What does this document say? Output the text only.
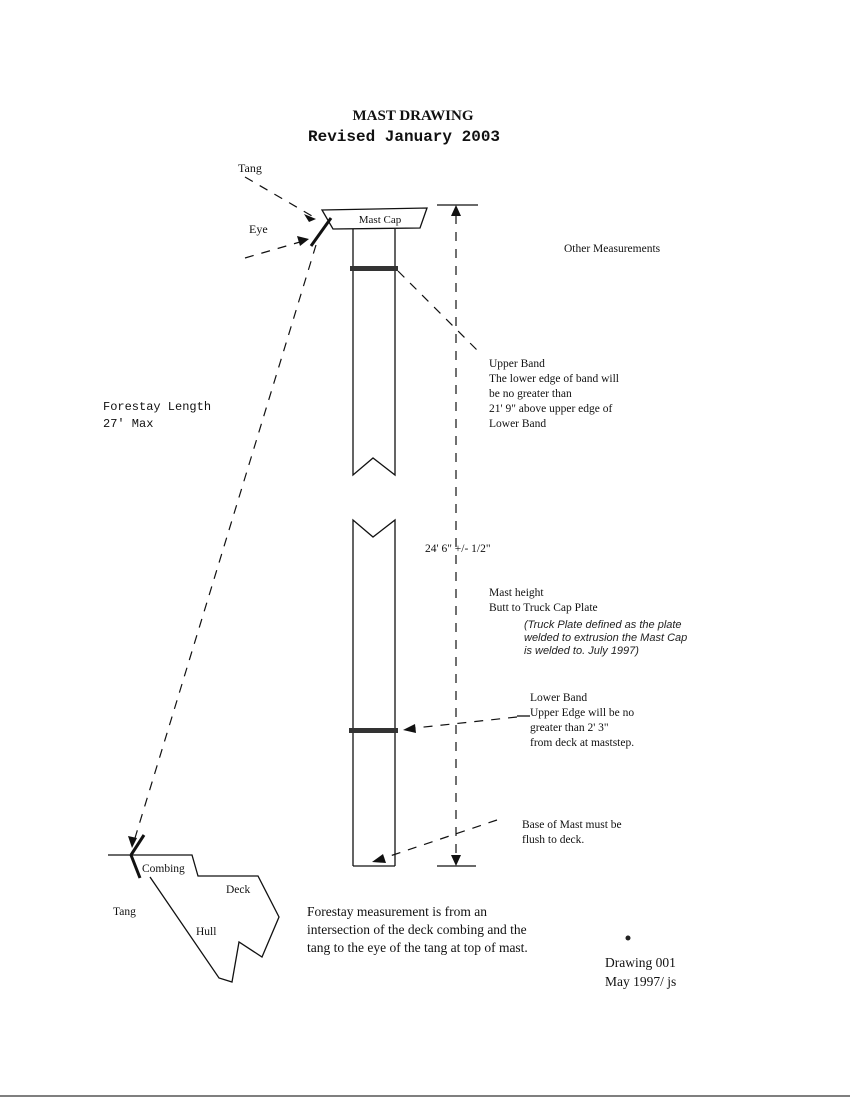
MAST DRAWING
Revised January 2003
Mast Cap
Tang
Eye
Forestay Length
27' Max
Upper Band
The lower edge of band will
be no greater than
21' 9" above upper edge of
Lower Band
Other Measurements
24' 6" +/- 1/2"
Mast height
Butt to Truck Cap Plate
(Truck Plate defined as the plate
welded to extrusion the Mast Cap
is welded to. July 1997)
Lower Band
Upper Edge will be no
greater than 2' 3"
from deck at maststep.
Base of Mast must be
flush to deck.
Combing
Deck
Tang
Hull
Forestay measurement is from an
intersection of the deck combing and the
tang to the eye of the tang at top of mast.
Drawing 001
May 1997/ js
